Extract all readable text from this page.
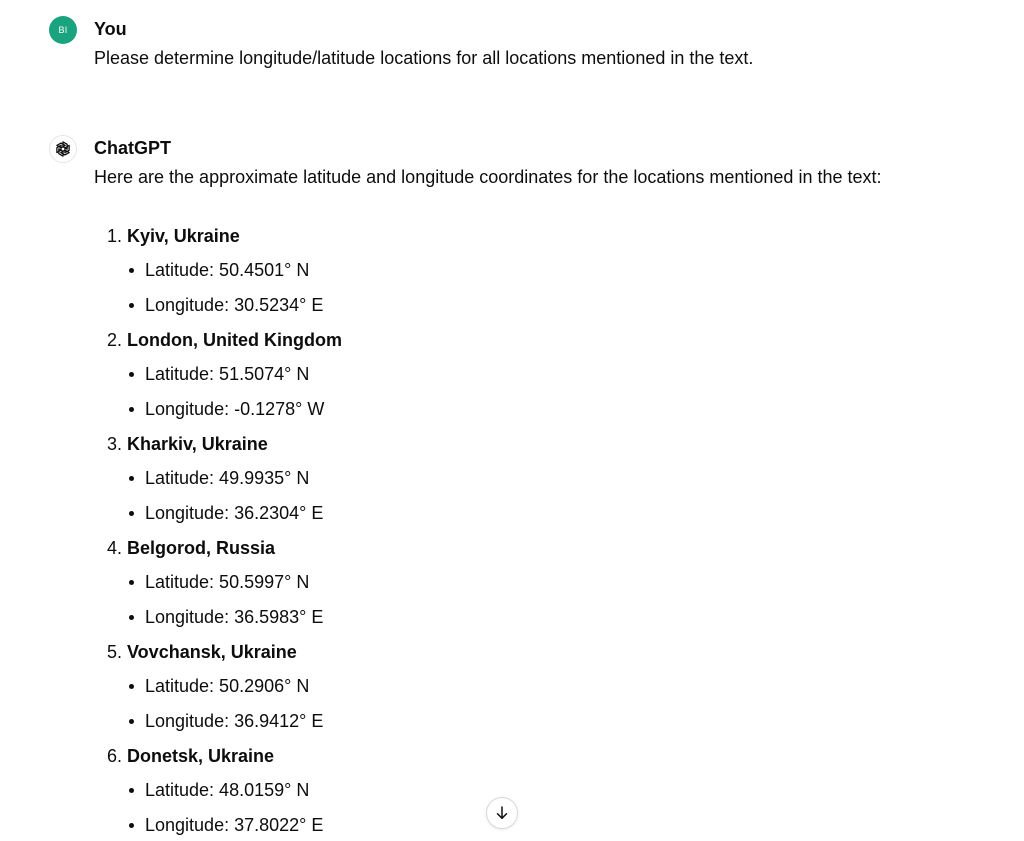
BI	You
Please determine longitude/latitude locations for all locations mentioned in the text.
ChatGPT
Here are the approximate latitude and longitude coordinates for the locations mentioned in the text:
1. Kyiv, Ukraine
Latitude: 50.4501° N
Longitude: 30.5234° E
2. London, United Kingdom
Latitude: 51.5074° N
Longitude: -0.1278° W
3. Kharkiv, Ukraine
Latitude: 49.9935° N
Longitude: 36.2304° E
4. Belgorod, Russia
Latitude: 50.5997° N
Longitude: 36.5983° E
5. Vovchansk, Ukraine
Latitude: 50.2906° N
Longitude: 36.9412° E
6. Donetsk, Ukraine
Latitude: 48.0159° N
Longitude: 37.8022° E
